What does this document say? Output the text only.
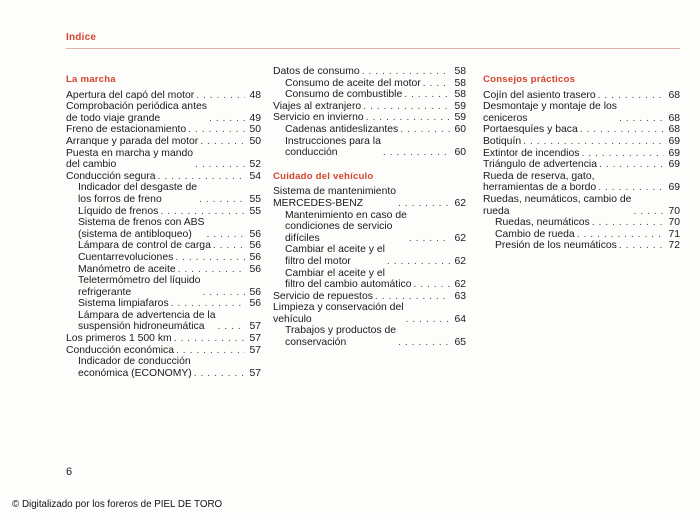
Indice
La marcha
Apertura del capó del motor . . .	48
Comprobación periódica antes
de todo viaje grande . . .	49
Freno de estacionamiento . . .	50
Arranque y parada del motor . . .	50
Puesta en marcha y mando
del cambio . . .	52
Conducción segura . . .	54
Indicador del desgaste de
los forros de freno . . .	55
Líquido de frenos . . .	55
Sistema de frenos con ABS
(sistema de antibloqueo) . . .	56
Lámpara de control de carga . . .	56
Cuentarrevoluciones . . .	56
Manómetro de aceite . . .	56
Teletermómetro del líquido
refrigerante . . .	56
Sistema limpiafaros . . .	56
Lámpara de advertencia de la
suspensión hidroneumática . . .	57
Los primeros 1 500 km . . .	57
Conducción económica . . .	57
Indicador de conducción
económica (ECONOMY) . . .	57
Datos de consumo . . .	58
Consumo de aceite del motor . . .	58
Consumo de combustible . . .	58
Viajes al extranjero . . .	59
Servicio en invierno . . .	59
Cadenas antideslizantes . . .	60
Instrucciones para la
conducción . . .	60
Cuidado del vehículo
Sistema de mantenimiento
MERCEDES-BENZ . . .	62
Mantenimiento en caso de
condiciones de servicio
difíciles . . .	62
Cambiar el aceite y el
filtro del motor . . .	62
Cambiar el aceite y el
filtro del cambio automático . . .	62
Servicio de repuestos . . .	63
Limpieza y conservación del
vehículo . . .	64
Trabajos y productos de
conservación . . .	65
Consejos prácticos
Cojín del asiento trasero . . .	68
Desmontaje y montaje de los
ceniceros . . .	68
Portaesquíes y baca . . .	68
Botiquín . . .	69
Extintor de incendios . . .	69
Triángulo de advertencia . . .	69
Rueda de reserva, gato,
herramientas de a bordo . . .	69
Ruedas, neumáticos, cambio de
rueda . . .	70
Ruedas, neumáticos . . .	70
Cambio de rueda . . .	71
Presión de los neumáticos . . .	72
6
© Digitalizado por los foreros de PIEL DE TORO
